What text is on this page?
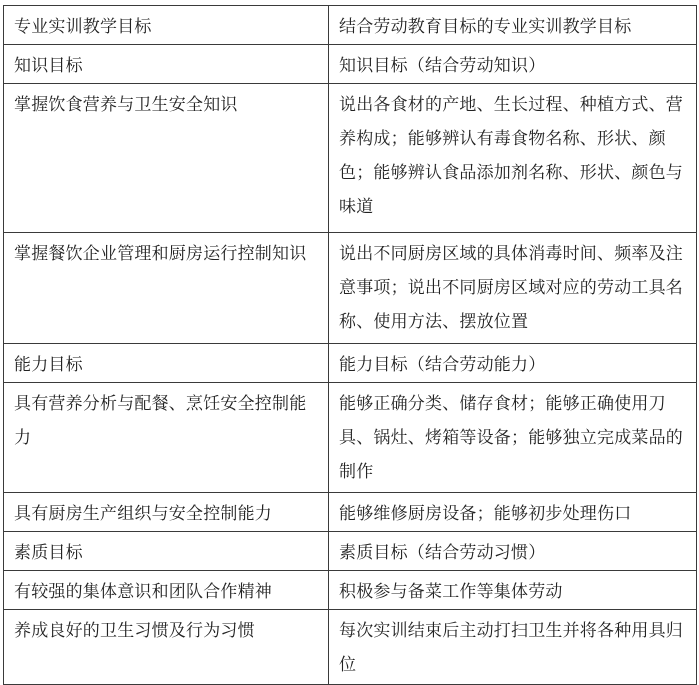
专业实训教学目标	结合劳动教育目标的专业实训教学目标
知识目标	知识目标（结合劳动知识）
掌握饮食营养与卫生安全知识	说出各食材的产地、生长过程、种植方式、营养构成；能够辨认有毒食物名称、形状、颜色；能够辨认食品添加剂名称、形状、颜色与味道
掌握餐饮企业管理和厨房运行控制知识	说出不同厨房区域的具体消毒时间、频率及注意事项；说出不同厨房区域对应的劳动工具名称、使用方法、摆放位置
能力目标	能力目标（结合劳动能力）
具有营养分析与配餐、烹饪安全控制能力	能够正确分类、储存食材；能够正确使用刀具、锅灶、烤箱等设备；能够独立完成菜品的制作
具有厨房生产组织与安全控制能力	能够维修厨房设备；能够初步处理伤口
素质目标	素质目标（结合劳动习惯）
有较强的集体意识和团队合作精神	积极参与备菜工作等集体劳动
养成良好的卫生习惯及行为习惯	每次实训结束后主动打扫卫生并将各种用具归位
